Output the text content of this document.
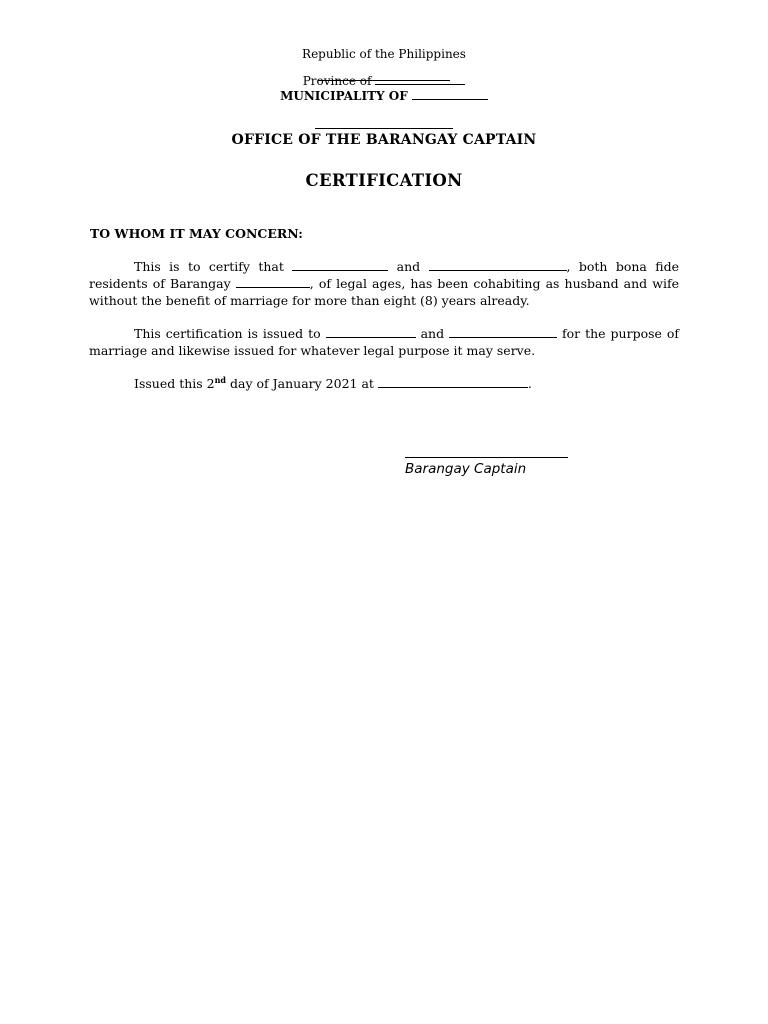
Republic of the Philippines
Province of
MUNICIPALITY OF
OFFICE OF THE BARANGAY CAPTAIN
CERTIFICATION
TO WHOM IT MAY CONCERN:
This is to certify that	and	, both bona fide residents of Barangay	, of legal ages, has been cohabiting as husband and wife without the benefit of marriage for more than eight (8) years already.
This certification is issued to	and	for the purpose of marriage and likewise issued for whatever legal purpose it may serve.
Issued this 2nd day of January 2021 at	.
Barangay Captain
